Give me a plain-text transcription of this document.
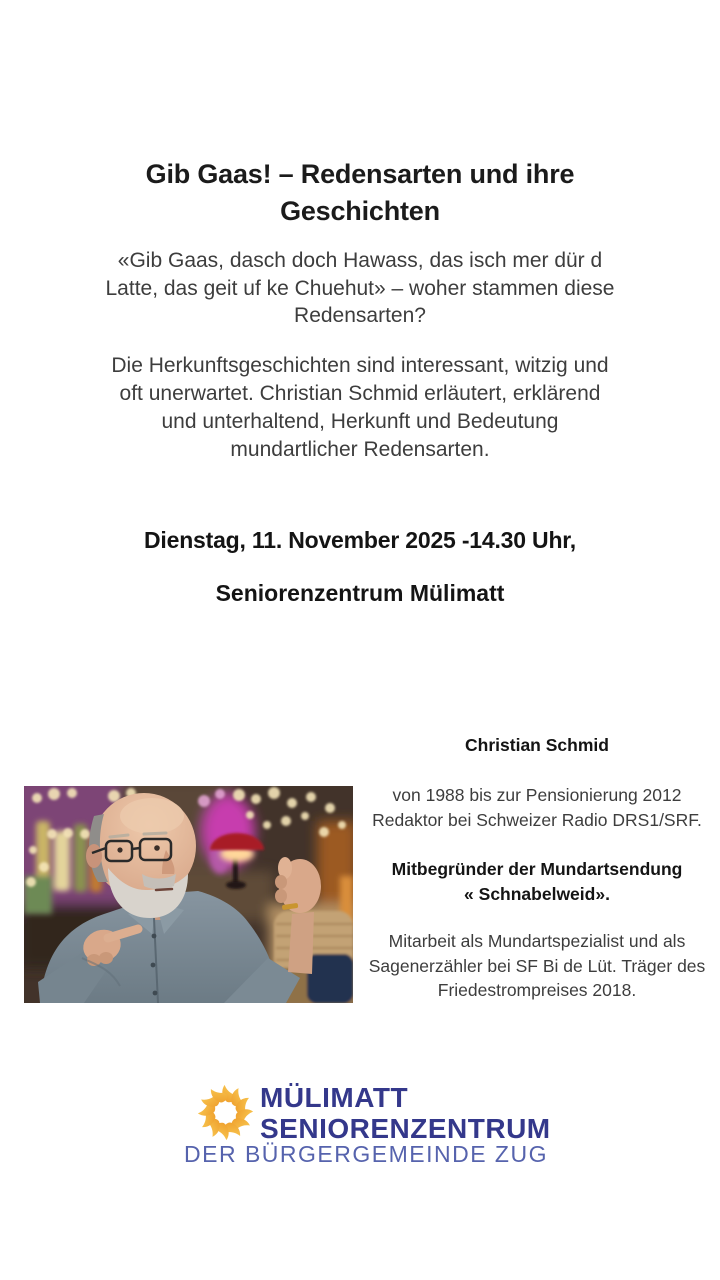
Gib Gaas! – Redensarten und ihre
Geschichten
«Gib Gaas, dasch doch Hawass, das isch mer dür d
Latte, das geit uf ke Chuehut» – woher stammen diese
Redensarten?
Die Herkunftsgeschichten sind interessant, witzig und
oft unerwartet. Christian Schmid erläutert, erklärend
und unterhaltend, Herkunft und Bedeutung
mundartlicher Redensarten.
Dienstag, 11. November 2025 -14.30 Uhr,
Seniorenzentrum Mülimatt
Christian Schmid
von 1988 bis zur Pensionierung 2012
Redaktor bei Schweizer Radio DRS1/SRF.
Mitbegründer der Mundartsendung
« Schnabelweid».
Mitarbeit als Mundartspezialist und als
Sagenerzähler bei SF Bi de Lüt. Träger des
Friedestrompreises 2018.
MÜLIMATT
SENIORENZENTRUM
DER BÜRGERGEMEINDE ZUG
